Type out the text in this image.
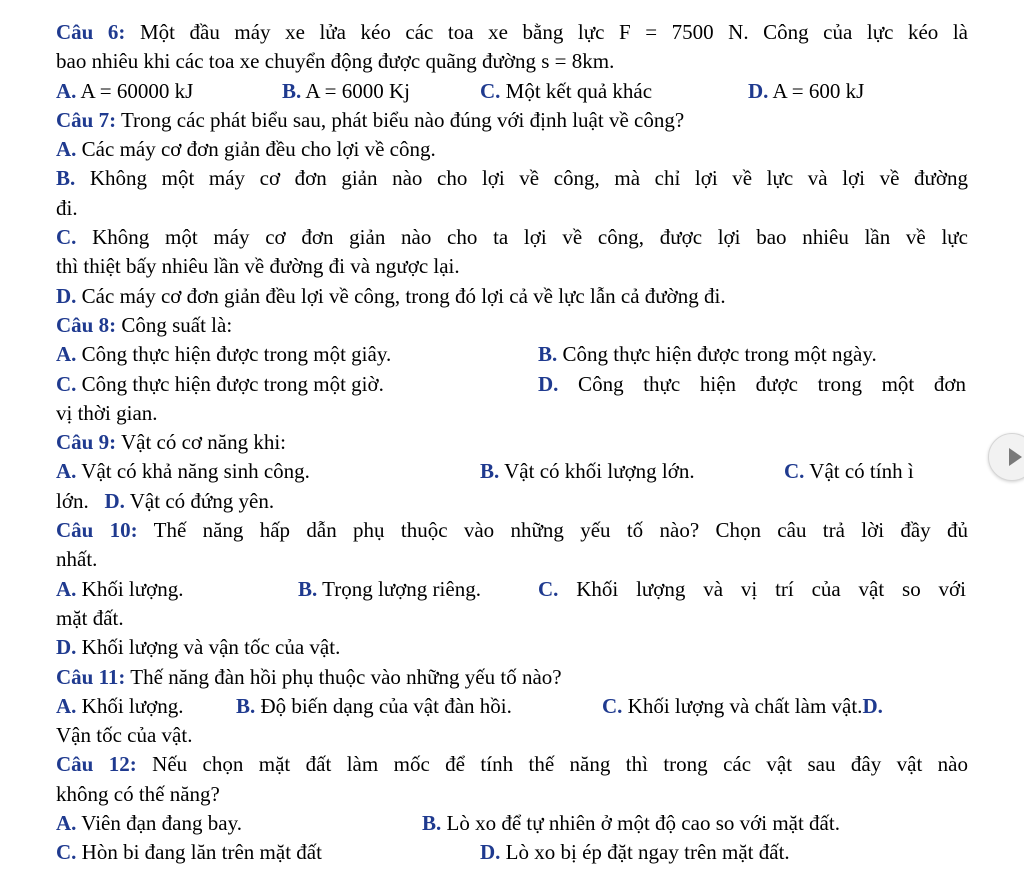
Câu 6: Một đầu máy xe lửa kéo các toa xe bằng lực F = 7500 N. Công của lực kéo là
bao nhiêu khi các toa xe chuyển động được quãng đường s = 8km.
A. A = 60000 kJ	B. A = 6000 Kj	C. Một kết quả khác	D. A = 600 kJ
Câu 7: Trong các phát biểu sau, phát biểu nào đúng với định luật về công?
A. Các máy cơ đơn giản đều cho lợi về công.
B. Không một máy cơ đơn giản nào cho lợi về công, mà chỉ lợi về lực và lợi về đường
đi.
C. Không một máy cơ đơn giản nào cho ta lợi về công, được lợi bao nhiêu lần về lực
thì thiệt bấy nhiêu lần về đường đi và ngược lại.
D. Các máy cơ đơn giản đều lợi về công, trong đó lợi cả về lực lẫn cả đường đi.
Câu 8: Công suất là:
A. Công thực hiện được trong một giây.	B. Công thực hiện được trong một ngày.
C. Công thực hiện được trong một giờ.	D. Công thực hiện được trong một đơn
vị thời gian.
Câu 9: Vật có cơ năng khi:
A. Vật có khả năng sinh công.	B. Vật có khối lượng lớn.	C. Vật có tính ì
lớn. D. Vật có đứng yên.
Câu 10: Thế năng hấp dẫn phụ thuộc vào những yếu tố nào? Chọn câu trả lời đầy đủ
nhất.
A. Khối lượng.	B. Trọng lượng riêng.	C. Khối lượng và vị trí của vật so với
mặt đất.
D. Khối lượng và vận tốc của vật.
Câu 11: Thế năng đàn hồi phụ thuộc vào những yếu tố nào?
A. Khối lượng.	B. Độ biến dạng của vật đàn hồi.	C. Khối lượng và chất làm vật.D.
Vận tốc của vật.
Câu 12: Nếu chọn mặt đất làm mốc để tính thế năng thì trong các vật sau đây vật nào
không có thế năng?
A. Viên đạn đang bay.	B. Lò xo để tự nhiên ở một độ cao so với mặt đất.
C. Hòn bi đang lăn trên mặt đất	D. Lò xo bị ép đặt ngay trên mặt đất.
